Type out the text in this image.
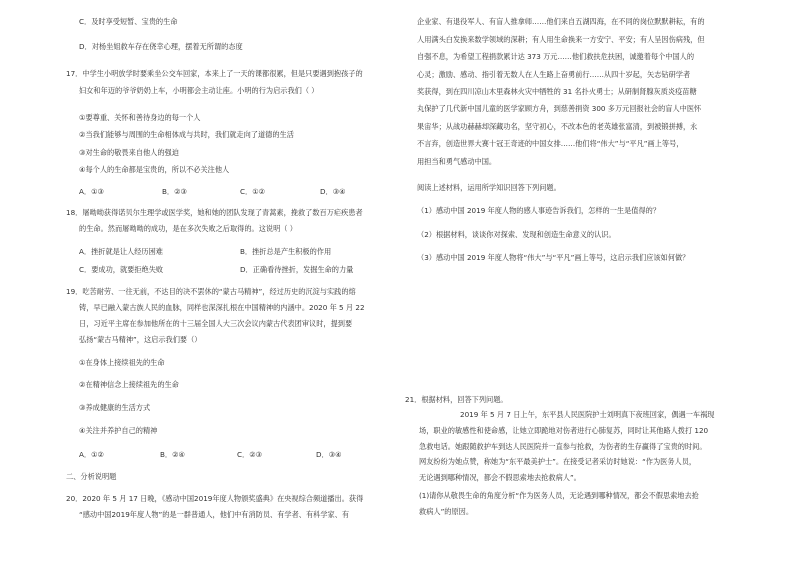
C．及时享受短暂、宝贵的生命
D．对杨坐姐救车存在侥幸心理，摆着无所谓的态度
17．中学生小明放学时要乘坐公交车回家，本来上了一天的课都很累，但是只要遇到抱孩子的
妇女和年迈的爷爷奶奶上车，小明都会主动让座。小明的行为启示我们（ ）
①要尊重、关怀和善待身边的每一个人
②当我们能够与周围的生命相体成与共时，我们就走向了道德的生活
③对生命的敬畏来自他人的强迫
④每个人的生命都是宝贵的，所以不必关注他人
A．①③	B．②③	C．①②	D．③④
18．屠呦呦获得诺贝尔生理学或医学奖，她和她的团队发现了青蒿素，挽救了数百万疟疾患者
的生命。然而屠呦呦的成功，是在多次失败之后取得的。这说明（ ）
A．挫折就是让人经历困难	B．挫折总是产生积极的作用
C．要成功，就要拒绝失败	D．正确看待挫折，发掘生命的力量
19．吃苦耐劳、一往无前，不达目的决不罢休的“蒙古马精神”，经过历史的沉淀与实践的熔
铸，早已融入蒙古族人民的血脉，同样也深深扎根在中国精神的内涵中。2020 年 5 月 22
日，习近平主席在参加他所在的十三届全国人大三次会议内蒙古代表团审议时，提到要
弘扬“蒙古马精神”，这启示我们要（）
①在身体上接续祖先的生命
②在精神信念上接续祖先的生命
③养成健康的生活方式
④关注并养护自己的精神
A．①②	B．②④	C．②③	D．③④
二、分析说明题
20．2020 年 5 月 17 日晚，《感动中国2019年度人物颁奖盛典》在央视综合频道播出。获得
“感动中国2019年度人物”的是一群普通人，他们中有消防员、有学者、有科学家、有
企业家、有退役军人、有盲人推拿师……他们来自五湖四海，在不同的岗位默默耕耘，有的
人用满头白发换来数学领域的深耕；有人用生命换来一方安宁、平安；有人呈因伤病残，但
自强不息，为希望工程捐款累计达 373 万元……他们救扶危扶困，诚邀着每个中国人的
心灵；激励、感动、指引着无数人在人生路上奋勇前行……从四十岁起，矢志钻研学者
奖获得，到在四川凉山木里森林火灾中牺牲的 31 名扑火勇士；从研制肾腺灰质炎疫苗糖
丸保护了几代新中国儿童的医学家顾方舟，到慈善捐资 300 多万元回报社会的盲人中医怀
果宙华；从战功赫赫却深藏功名，坚守初心，不改本色的老英雄张富清，到被锻拼搏，永
不言弃，创造世界大赛十冠王奇迹的中国女排……他们将“伟大”与“平凡”画上等号，
用担当和勇气感动中国。
阅读上述材料，运用所学知识回答下列问题。
（1）感动中国 2019 年度人物的感人事迹告诉我们，怎样的一生是值得的？
（2）根据材料，谈谈你对探索、发现和创造生命意义的认识。
（3）感动中国 2019 年度人物将“伟大”与“平凡”画上等号，这启示我们应该如何做？
21．根据材料，回答下列问题。
2019 年 5 月 7 日上午，东平县人民医院护士刘明真下夜班回家，偶遇一车祸现
场，职业的敏感性和使命感，让她立即跪地对伤者进行心肺复苏，同时让其他路人拨打 120
急救电话。她跟随救护车到达人民医院并一直参与抢救，为伤者的生存赢得了宝贵的时间。
网友纷纷为她点赞，称她为“东平最美护士”。在接受记者采访时她说：“作为医务人员，
无论遇到哪种情况，都会不假思索地去抢救病人”。
(1)请你从敬畏生命的角度分析“作为医务人员，无论遇到哪种情况，都会不假思索地去抢
救病人”的原因。
